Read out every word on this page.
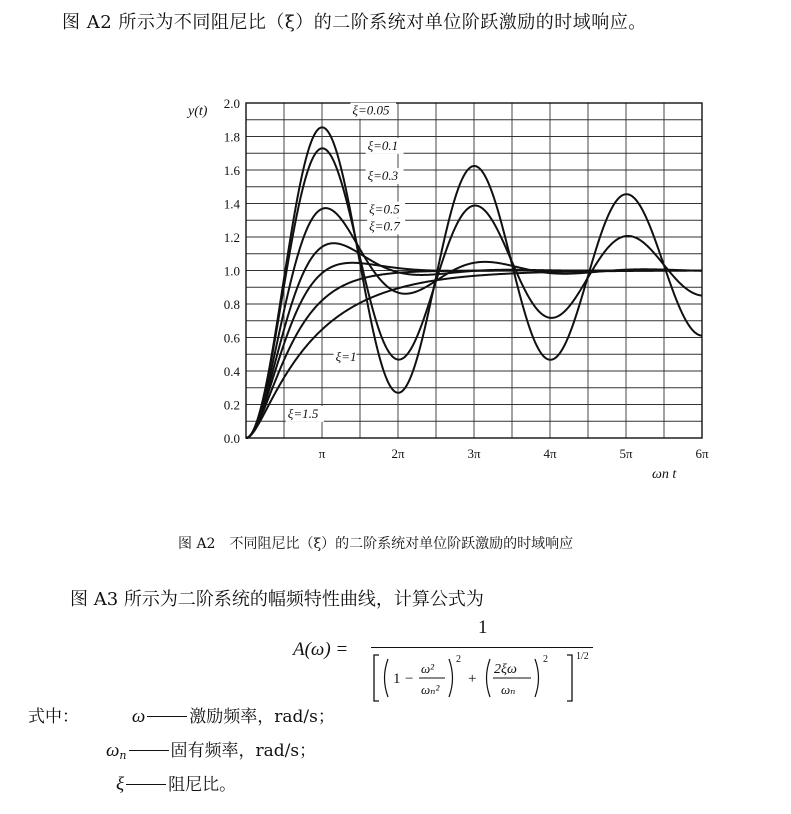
图 A2 所示为不同阻尼比（ξ）的二阶系统对单位阶跃激励的时域响应。
0.0
0.2
0.4
0.6
0.8
1.0
1.2
1.4
1.6
1.8
2.0
π	2π	3π	4π	5π	6π
y(t)
ωn t
ξ=0.05
ξ=0.1
ξ=0.3
ξ=0.5
ξ=0.7
ξ=1
ξ=1.5
图 A2　不同阻尼比（ξ）的二阶系统对单位阶跃激励的时域响应
图 A3 所示为二阶系统的幅频特性曲线，计算公式为
A(ω) =
1
1 −
ω²
ωₙ²
2
+
2ξω
ωₙ
2	1/2
式中：	ω	激励频率，rad/s；
$\omega_n$	固有频率，rad/s；
ξ	阻尼比。
